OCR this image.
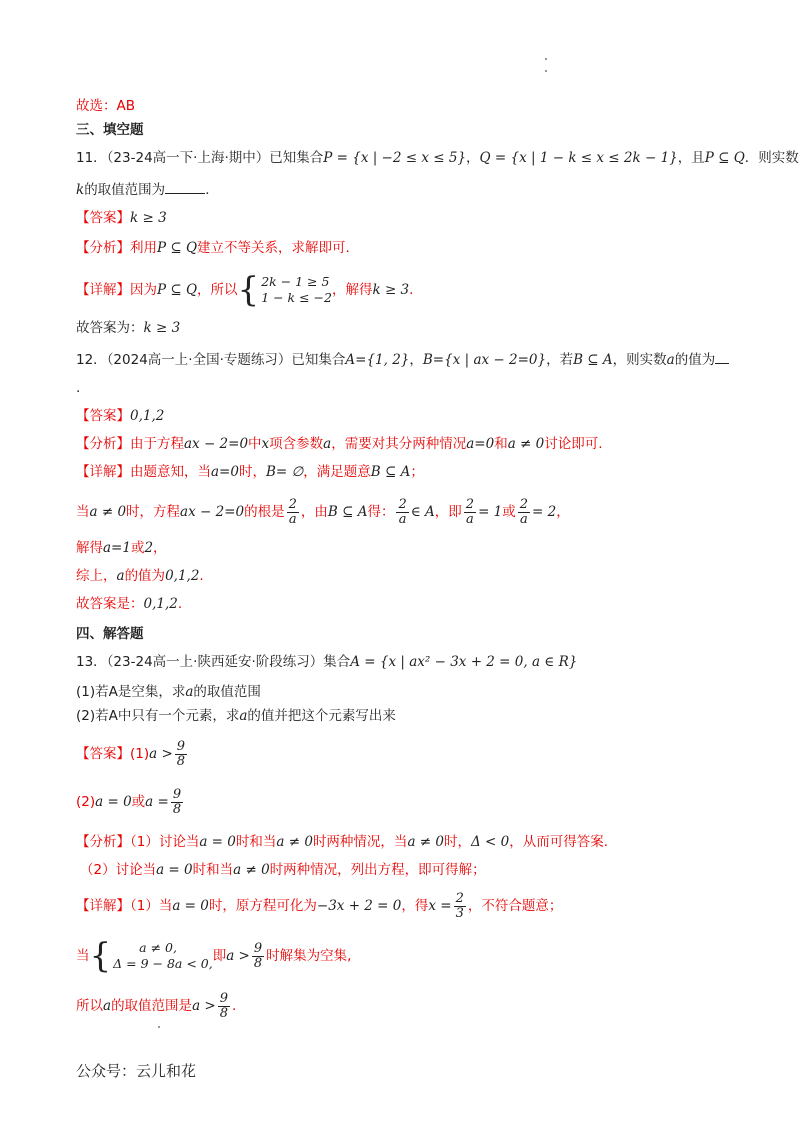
故选：AB
三、填空题
11．（23-24高一下·上海·期中）已知集合P = {x | −2 ≤ x ≤ 5}，Q = {x | 1 − k ≤ x ≤ 2k − 1}，且P ⊆ Q．则实数
k的取值范围为	．
【答案】k ≥ 3
【分析】利用P ⊆ Q建立不等关系，求解即可.
【详解】因为P ⊆ Q，所以 { 2k − 1 ≥ 5
1 − k ≤ −2 ，解得k ≥ 3.
故答案为：k ≥ 3
12．（2024高一上·全国·专题练习）已知集合A={1, 2}，B={x | ax − 2=0}，若B ⊆ A，则实数a的值为
.
【答案】0,1,2
【分析】由于方程ax − 2=0中x项含参数a，需要对其分两种情况a=0和a ≠ 0讨论即可.
【详解】由题意知，当a=0时，B= ∅，满足题意B ⊆ A；
当a ≠ 0时，方程ax − 2=0的根是 $\frac{2}{a}$ ，由B ⊆ A得： $\frac{2}{a}$ ∈ A，即 $\frac{2}{a} = 1$或 $\frac{2}{a} = 2$，
解得a=1或2，
综上，a的值为0,1,2.
故答案是：0,1,2.
四、解答题
13．（23-24高一上·陕西延安·阶段练习）集合A = {x | ax² − 3x + 2 = 0, a ∈ R}
(1)若A是空集，求a的取值范围
(2)若A中只有一个元素，求a的值并把这个元素写出来
【答案】$(1)a > \frac{9}{8}$
(2)a = 0或$a = \frac{9}{8}$
【分析】（1）讨论当a = 0时和当a ≠ 0时两种情况，当a ≠ 0时，Δ < 0，从而可得答案.
（2）讨论当a = 0时和当a ≠ 0时两种情况，列出方程，即可得解；
【详解】（1）当a = 0时，原方程可化为−3x + 2 = 0，得$x = \frac{2}{3}$ ，不符合题意；
当 {	a ≠ 0,
Δ = 9 − 8a < 0, 即$a > \frac{9}{8}$ 时解集为空集,
所以a的取值范围是$a > \frac{9}{8}$ .
公众号：云儿和花
